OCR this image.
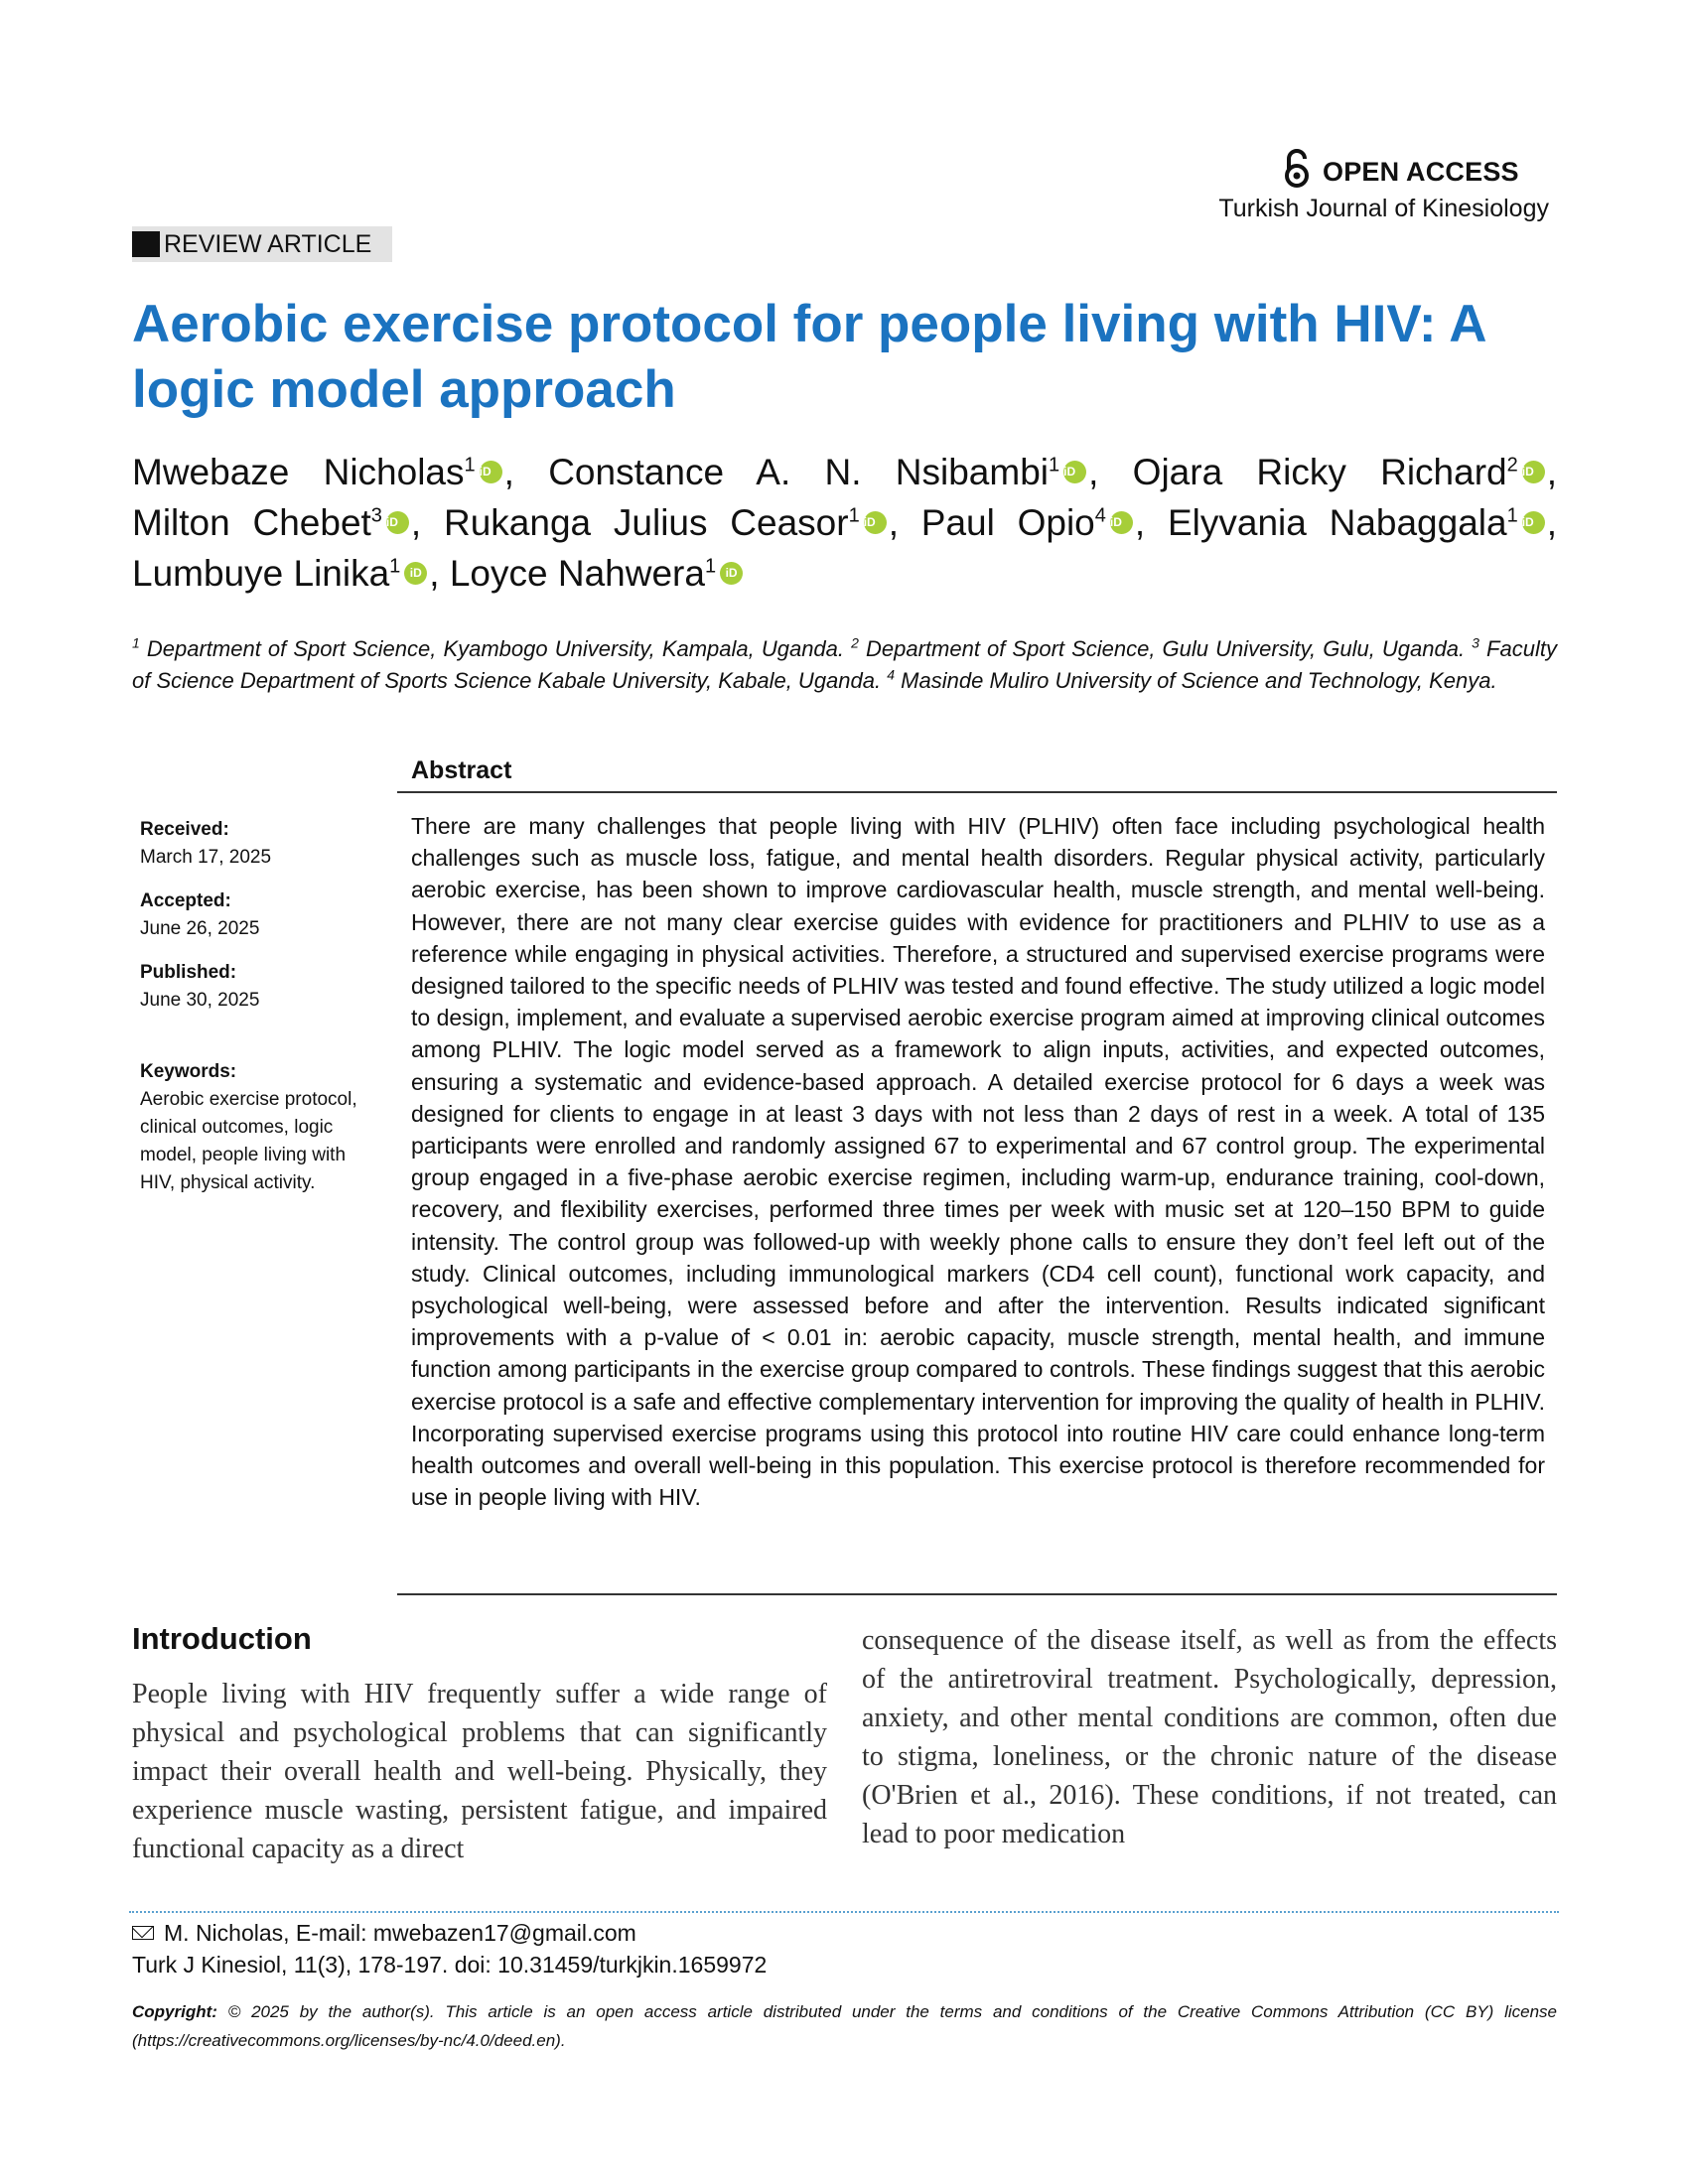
OPEN ACCESS
Turkish Journal of Kinesiology
REVIEW ARTICLE
Aerobic exercise protocol for people living with HIV: A logic model approach
Mwebaze Nicholas$^1$ iD , Constance A. N. Nsibambi$^1$ iD , Ojara Ricky Richard$^2$ iD ,
Milton Chebet$^3$ iD , Rukanga Julius Ceasor$^1$ iD , Paul Opio$^4$ iD , Elyvania Nabaggala$^1$ iD ,
Lumbuye Linika$^1$ iD , Loyce Nahwera$^1$ iD
$^1$ Department of Sport Science, Kyambogo University, Kampala, Uganda. $^2$ Department of Sport Science, Gulu University, Gulu, Uganda. $^3$ Faculty of Science Department of Sports Science Kabale University, Kabale, Uganda. $^4$ Masinde Muliro University of Science and Technology, Kenya.
Abstract
Received:
March 17, 2025
Accepted:
June 26, 2025
Published:
June 30, 2025
Keywords:
Aerobic exercise protocol, clinical outcomes, logic model, people living with HIV, physical activity.
There are many challenges that people living with HIV (PLHIV) often face including psychological health challenges such as muscle loss, fatigue, and mental health disorders. Regular physical activity, particularly aerobic exercise, has been shown to improve cardiovascular health, muscle strength, and mental well-being. However, there are not many clear exercise guides with evidence for practitioners and PLHIV to use as a reference while engaging in physical activities. Therefore, a structured and supervised exercise programs were designed tailored to the specific needs of PLHIV was tested and found effective. The study utilized a logic model to design, implement, and evaluate a supervised aerobic exercise program aimed at improving clinical outcomes among PLHIV. The logic model served as a framework to align inputs, activities, and expected outcomes, ensuring a systematic and evidence-based approach. A detailed exercise protocol for 6 days a week was designed for clients to engage in at least 3 days with not less than 2 days of rest in a week. A total of 135 participants were enrolled and randomly assigned 67 to experimental and 67 control group. The experimental group engaged in a five-phase aerobic exercise regimen, including warm-up, endurance training, cool-down, recovery, and flexibility exercises, performed three times per week with music set at 120–150 BPM to guide intensity. The control group was followed-up with weekly phone calls to ensure they don’t feel left out of the study. Clinical outcomes, including immunological markers (CD4 cell count), functional work capacity, and psychological well-being, were assessed before and after the intervention. Results indicated significant improvements with a p-value of < 0.01 in: aerobic capacity, muscle strength, mental health, and immune function among participants in the exercise group compared to controls. These findings suggest that this aerobic exercise protocol is a safe and effective complementary intervention for improving the quality of health in PLHIV. Incorporating supervised exercise programs using this protocol into routine HIV care could enhance long-term health outcomes and overall well-being in this population. This exercise protocol is therefore recommended for use in people living with HIV.
Introduction
People living with HIV frequently suffer a wide range of physical and psychological problems that can significantly impact their overall health and well-being. Physically, they experience muscle wasting, persistent fatigue, and impaired functional capacity as a direct
consequence of the disease itself, as well as from the effects of the antiretroviral treatment. Psychologically, depression, anxiety, and other mental conditions are common, often due to stigma, loneliness, or the chronic nature of the disease (O'Brien et al., 2016). These conditions, if not treated, can lead to poor medication
M. Nicholas, E-mail: mwebazen17@gmail.com
Turk J Kinesiol, 11(3), 178-197. doi: 10.31459/turkjkin.1659972
Copyright: © 2025 by the author(s). This article is an open access article distributed under the terms and conditions of the Creative Commons Attribution (CC BY) license (https://creativecommons.org/licenses/by-nc/4.0/deed.en).
